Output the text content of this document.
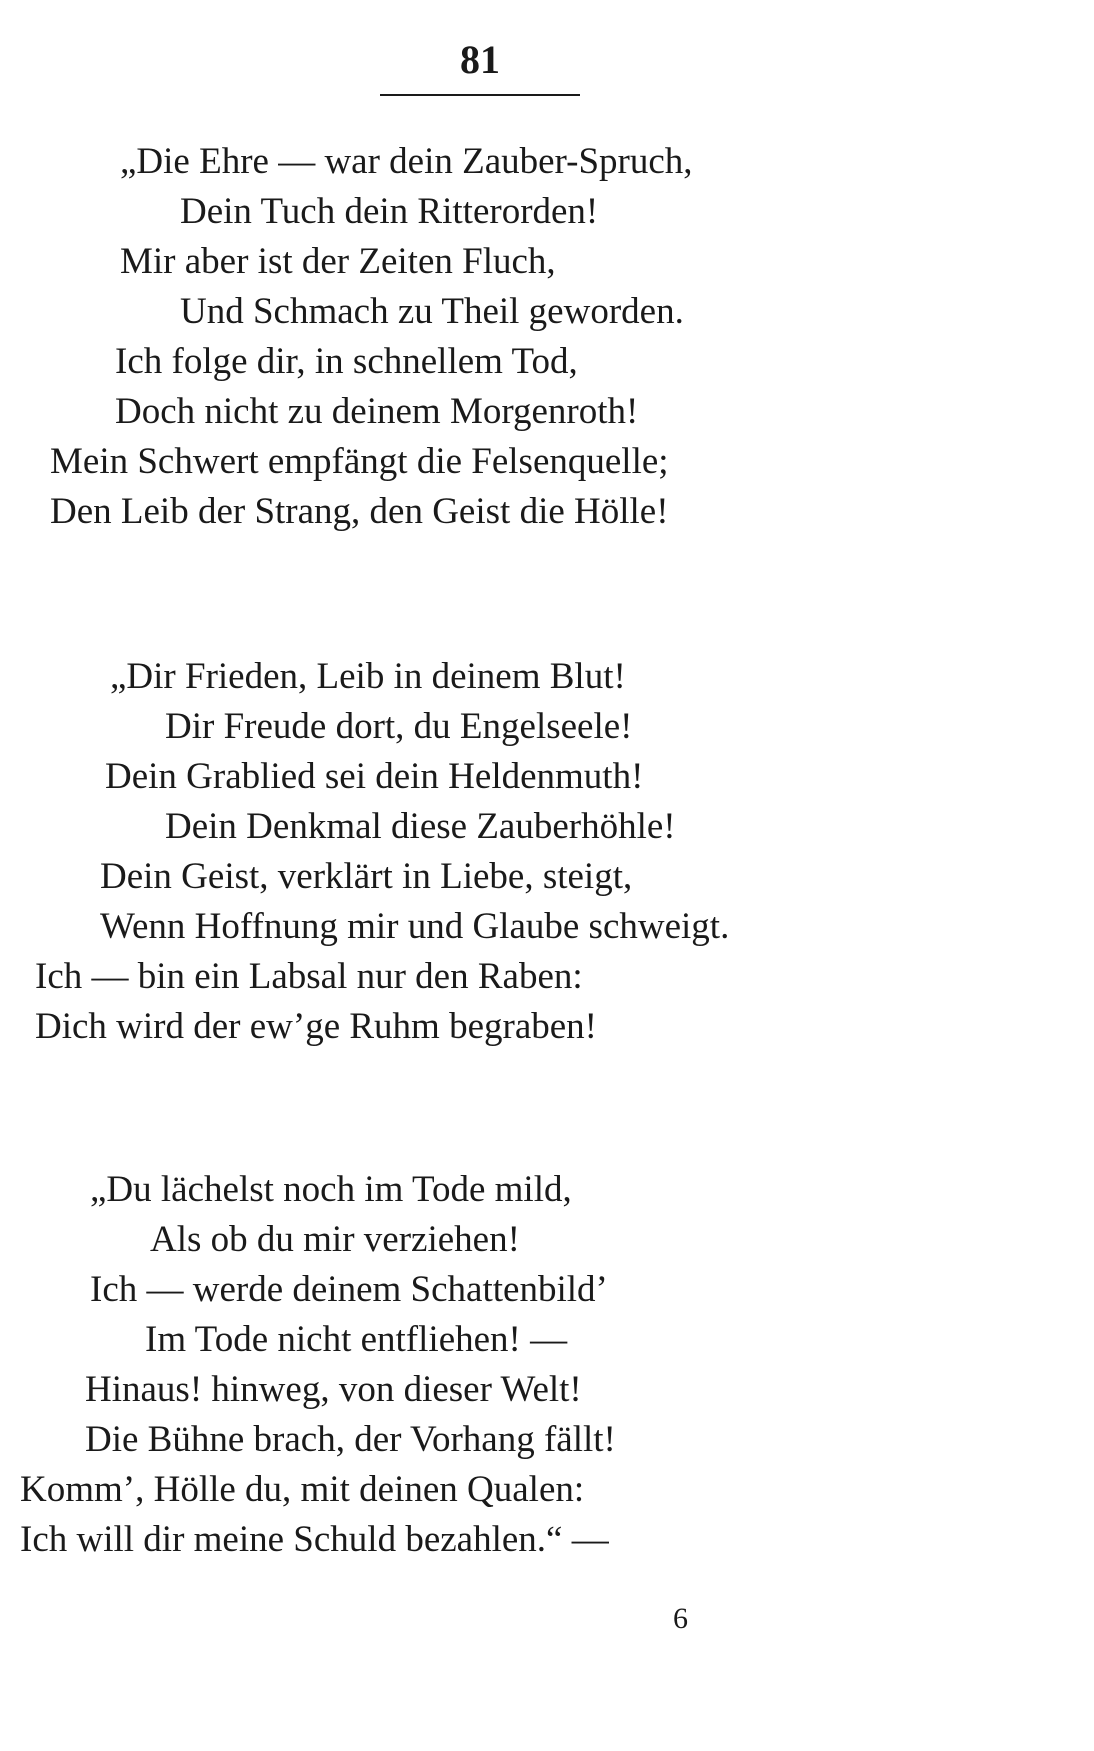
81
„Die Ehre — war dein Zauber-Spruch,
Dein Tuch dein Ritterorden!
Mir aber ist der Zeiten Fluch,
Und Schmach zu Theil geworden.
Ich folge dir, in schnellem Tod,
Doch nicht zu deinem Morgenroth!
Mein Schwert empfängt die Felsenquelle;
Den Leib der Strang, den Geist die Hölle!
„Dir Frieden, Leib in deinem Blut!
Dir Freude dort, du Engelseele!
Dein Grablied sei dein Heldenmuth!
Dein Denkmal diese Zauberhöhle!
Dein Geist, verklärt in Liebe, steigt,
Wenn Hoffnung mir und Glaube schweigt.
Ich — bin ein Labsal nur den Raben:
Dich wird der ew’ge Ruhm begraben!
„Du lächelst noch im Tode mild,
Als ob du mir verziehen!
Ich — werde deinem Schattenbild’
Im Tode nicht entfliehen! —
Hinaus! hinweg, von dieser Welt!
Die Bühne brach, der Vorhang fällt!
Komm’, Hölle du, mit deinen Qualen:
Ich will dir meine Schuld bezahlen.“ —
6
